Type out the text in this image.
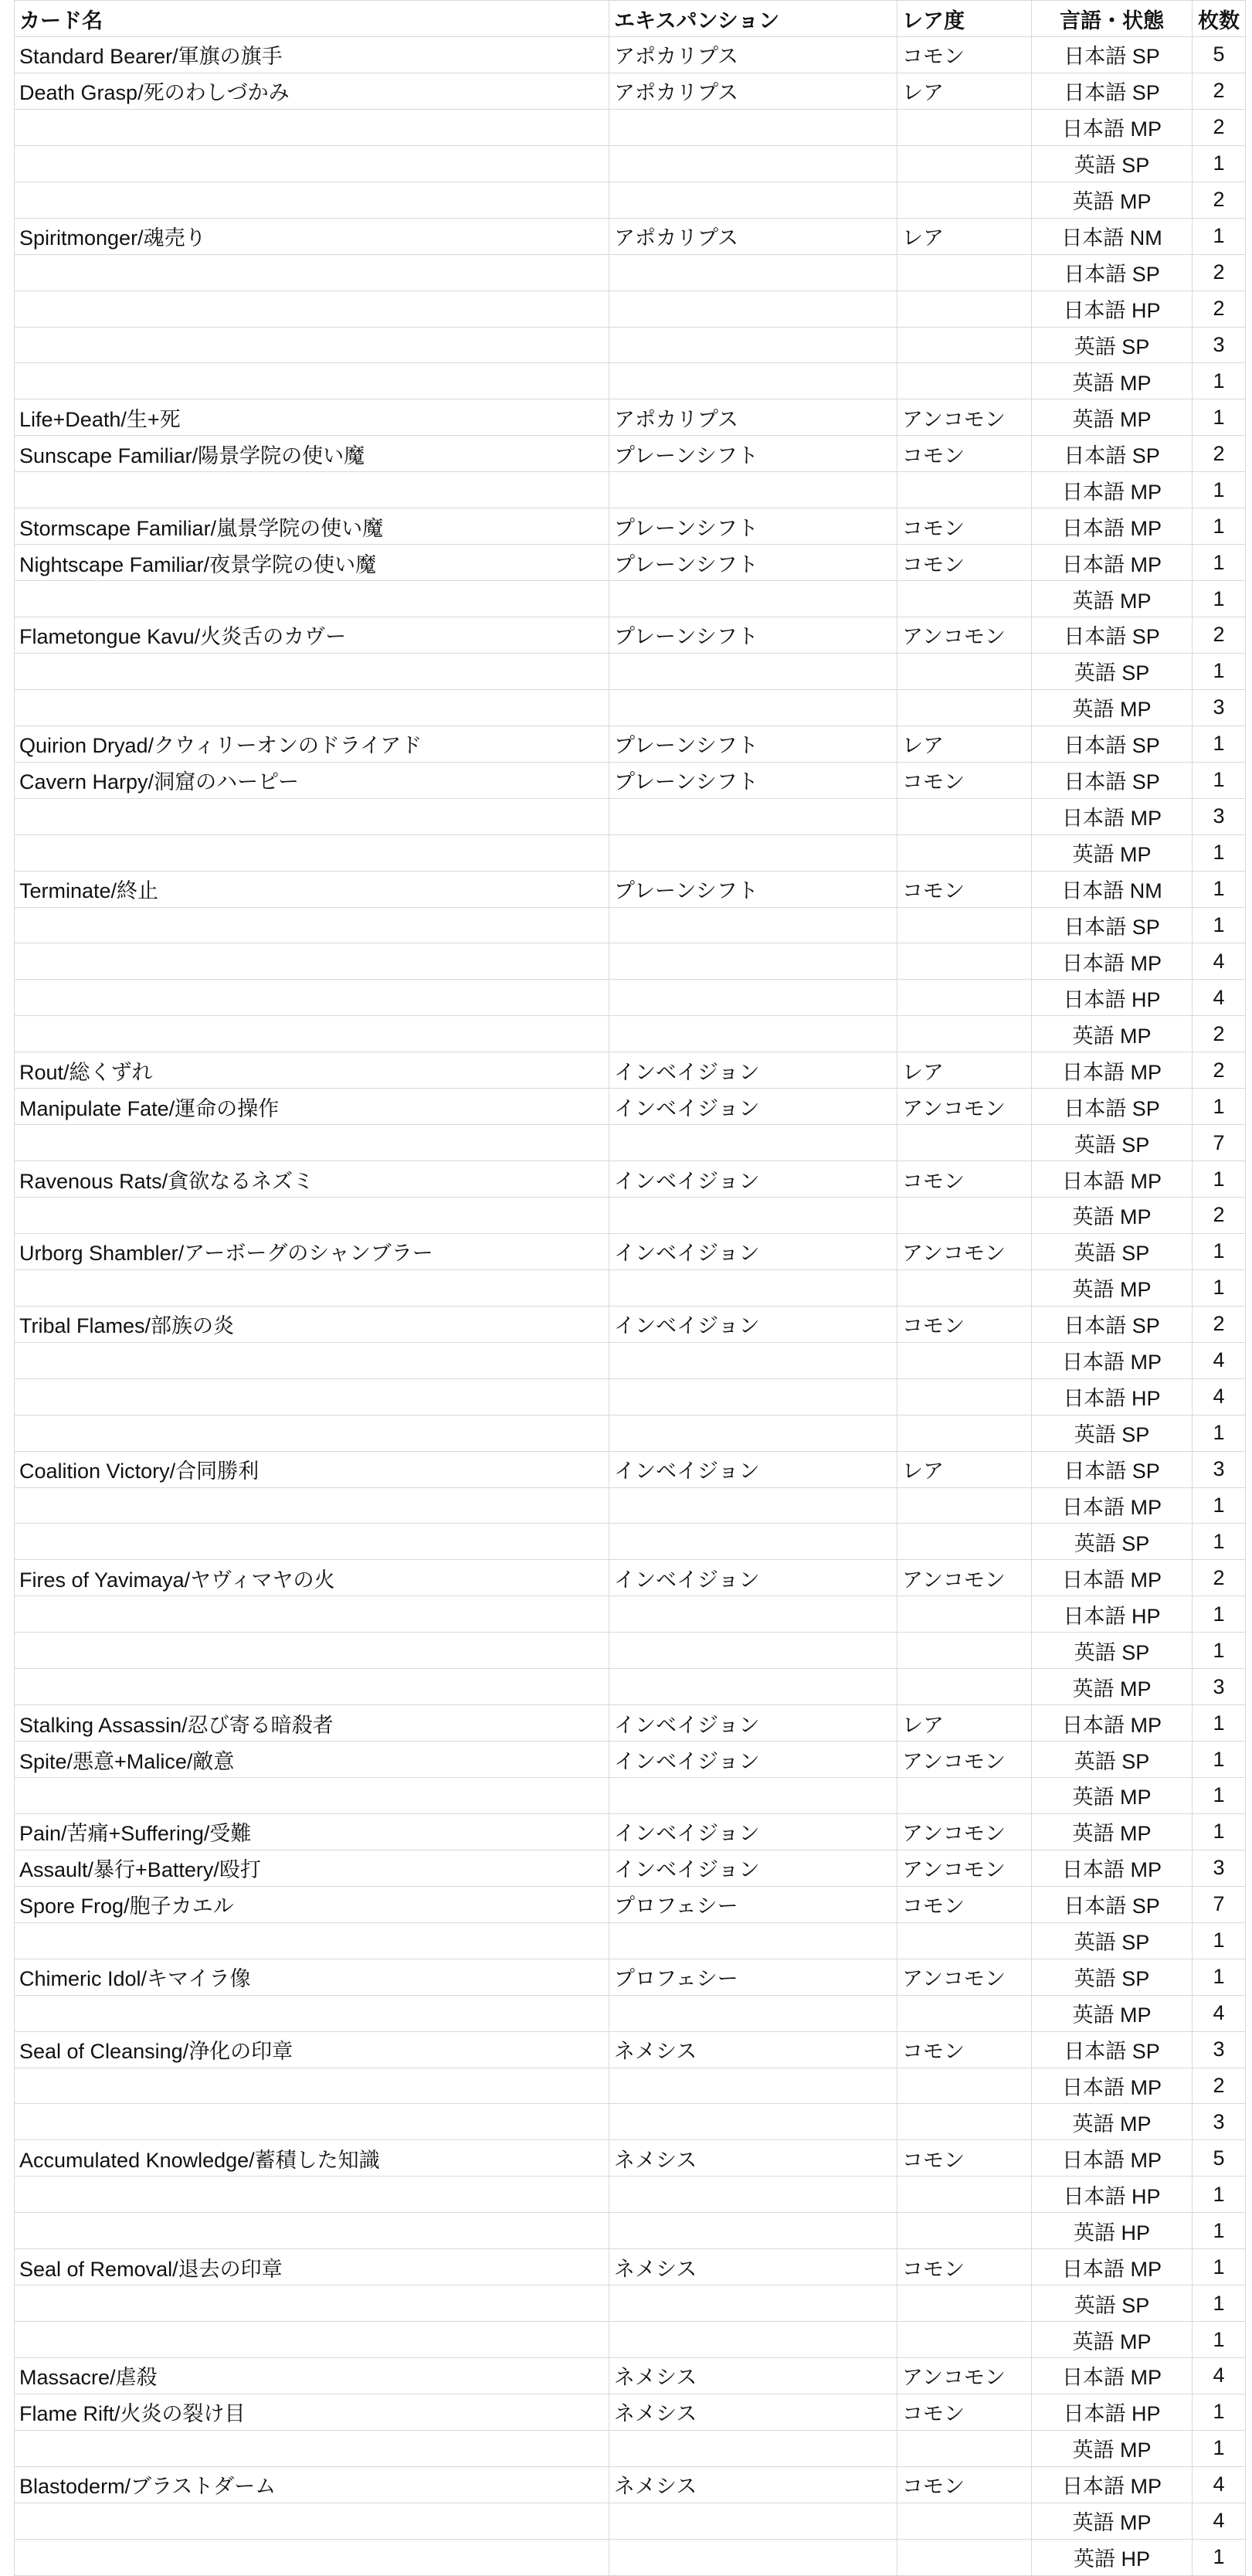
カード名	エキスパンション	レア度	言語・状態	枚数
Standard Bearer/軍旗の旗手	アポカリプス	コモン	日本語 SP	5
Death Grasp/死のわしづかみ	アポカリプス	レア	日本語 SP	2
			日本語 MP	2
			英語 SP	1
			英語 MP	2
Spiritmonger/魂売り	アポカリプス	レア	日本語 NM	1
			日本語 SP	2
			日本語 HP	2
			英語 SP	3
			英語 MP	1
Life+Death/生+死	アポカリプス	アンコモン	英語 MP	1
Sunscape Familiar/陽景学院の使い魔	プレーンシフト	コモン	日本語 SP	2
			日本語 MP	1
Stormscape Familiar/嵐景学院の使い魔	プレーンシフト	コモン	日本語 MP	1
Nightscape Familiar/夜景学院の使い魔	プレーンシフト	コモン	日本語 MP	1
			英語 MP	1
Flametongue Kavu/火炎舌のカヴー	プレーンシフト	アンコモン	日本語 SP	2
			英語 SP	1
			英語 MP	3
Quirion Dryad/クウィリーオンのドライアド	プレーンシフト	レア	日本語 SP	1
Cavern Harpy/洞窟のハーピー	プレーンシフト	コモン	日本語 SP	1
			日本語 MP	3
			英語 MP	1
Terminate/終止	プレーンシフト	コモン	日本語 NM	1
			日本語 SP	1
			日本語 MP	4
			日本語 HP	4
			英語 MP	2
Rout/総くずれ	インベイジョン	レア	日本語 MP	2
Manipulate Fate/運命の操作	インベイジョン	アンコモン	日本語 SP	1
			英語 SP	7
Ravenous Rats/貪欲なるネズミ	インベイジョン	コモン	日本語 MP	1
			英語 MP	2
Urborg Shambler/アーボーグのシャンブラー	インベイジョン	アンコモン	英語 SP	1
			英語 MP	1
Tribal Flames/部族の炎	インベイジョン	コモン	日本語 SP	2
			日本語 MP	4
			日本語 HP	4
			英語 SP	1
Coalition Victory/合同勝利	インベイジョン	レア	日本語 SP	3
			日本語 MP	1
			英語 SP	1
Fires of Yavimaya/ヤヴィマヤの火	インベイジョン	アンコモン	日本語 MP	2
			日本語 HP	1
			英語 SP	1
			英語 MP	3
Stalking Assassin/忍び寄る暗殺者	インベイジョン	レア	日本語 MP	1
Spite/悪意+Malice/敵意	インベイジョン	アンコモン	英語 SP	1
			英語 MP	1
Pain/苦痛+Suffering/受難	インベイジョン	アンコモン	英語 MP	1
Assault/暴行+Battery/殴打	インベイジョン	アンコモン	日本語 MP	3
Spore Frog/胞子カエル	プロフェシー	コモン	日本語 SP	7
			英語 SP	1
Chimeric Idol/キマイラ像	プロフェシー	アンコモン	英語 SP	1
			英語 MP	4
Seal of Cleansing/浄化の印章	ネメシス	コモン	日本語 SP	3
			日本語 MP	2
			英語 MP	3
Accumulated Knowledge/蓄積した知識	ネメシス	コモン	日本語 MP	5
			日本語 HP	1
			英語 HP	1
Seal of Removal/退去の印章	ネメシス	コモン	日本語 MP	1
			英語 SP	1
			英語 MP	1
Massacre/虐殺	ネメシス	アンコモン	日本語 MP	4
Flame Rift/火炎の裂け目	ネメシス	コモン	日本語 HP	1
			英語 MP	1
Blastoderm/ブラストダーム	ネメシス	コモン	日本語 MP	4
			英語 MP	4
			英語 HP	1
